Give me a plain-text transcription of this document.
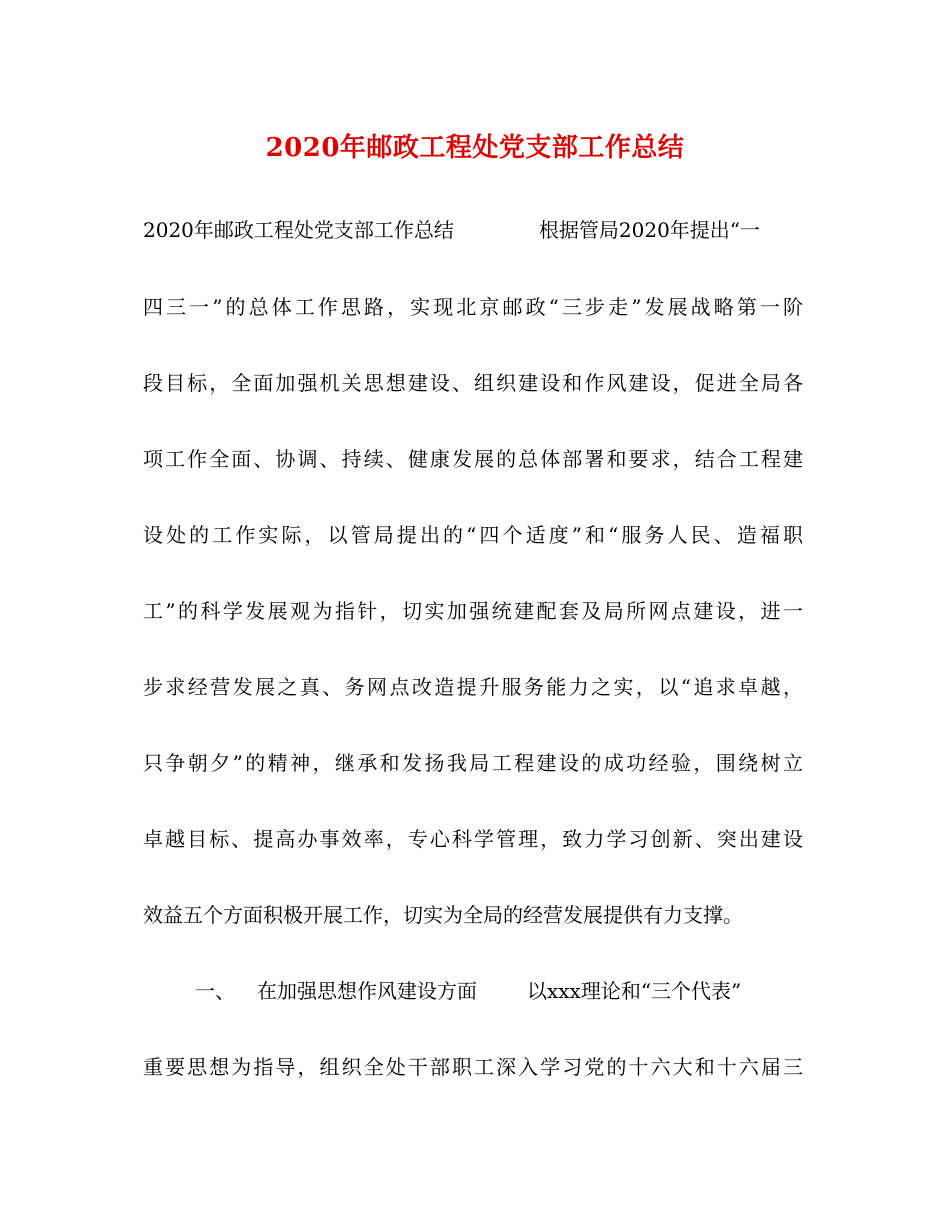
2020年邮政工程处党支部工作总结
2020年邮政工程处党支部工作总结	根据管局2020年提出“一
四三一”的总体工作思路，实现北京邮政“三步走”发展战略第一阶
段目标，全面加强机关思想建设、组织建设和作风建设，促进全局各
项工作全面、协调、持续、健康发展的总体部署和要求，结合工程建
设处的工作实际，以管局提出的“四个适度”和“服务人民、造福职
工”的科学发展观为指针，切实加强统建配套及局所网点建设，进一
步求经营发展之真、务网点改造提升服务能力之实，以“追求卓越，
只争朝夕”的精神，继承和发扬我局工程建设的成功经验，围绕树立
卓越目标、提高办事效率，专心科学管理，致力学习创新、突出建设
效益五个方面积极开展工作，切实为全局的经营发展提供有力支撑。
一、 在加强思想作风建设方面	以xxx理论和“三个代表”
重要思想为指导，组织全处干部职工深入学习党的十六大和十六届三
